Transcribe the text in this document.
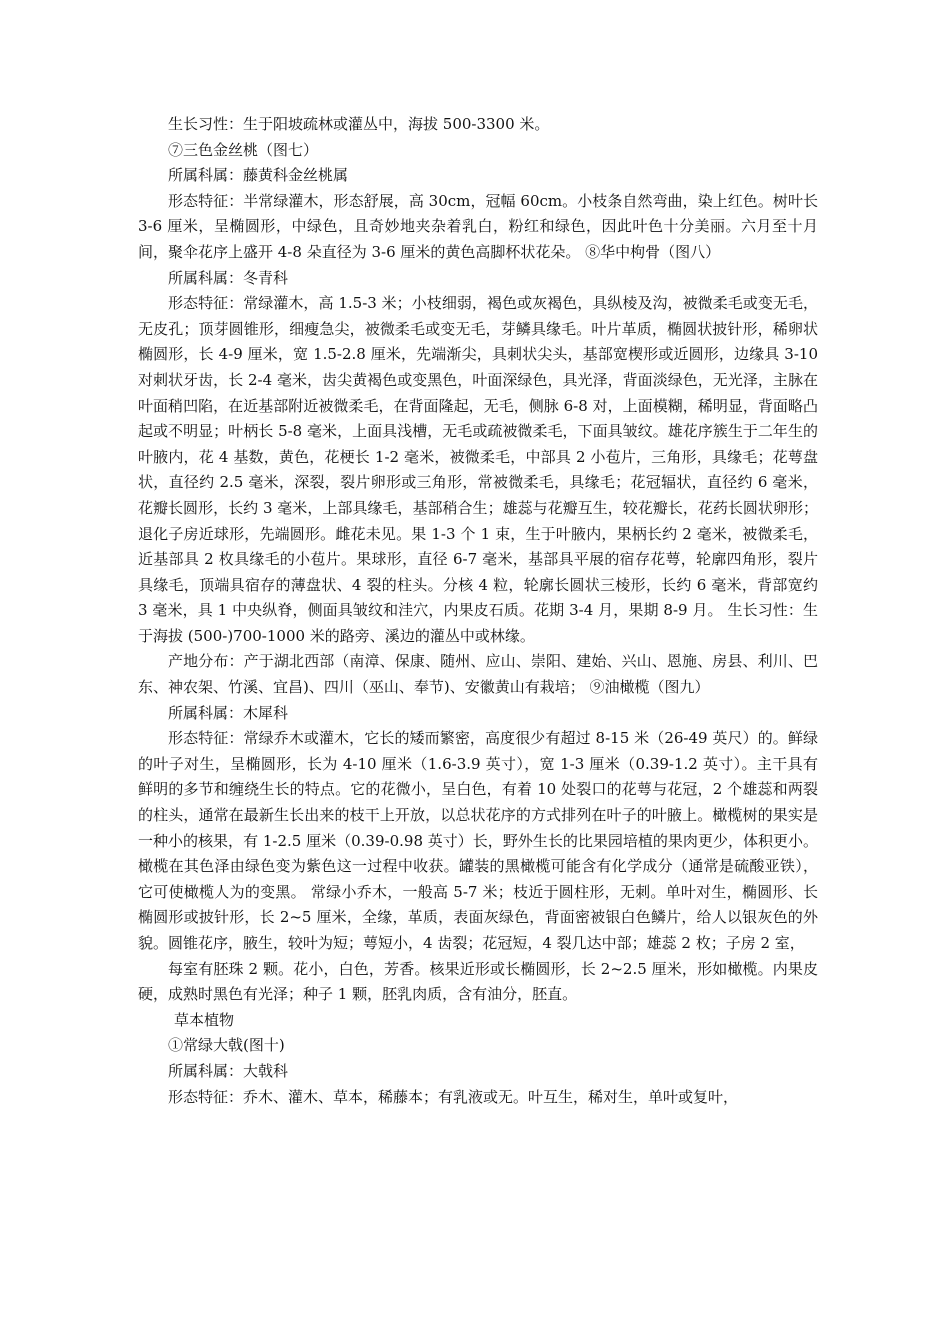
生长习性：生于阳坡疏林或灌丛中，海拔 500-3300 米。

⑦三色金丝桃（图七）

所属科属：藤黄科金丝桃属

形态特征：半常绿灌木，形态舒展，高 30cm，冠幅 60cm。小枝条自然弯曲，染上红色。树叶长 3-6 厘米，呈椭圆形，中绿色，且奇妙地夹杂着乳白，粉红和绿色，因此叶色十分美丽。六月至十月间，聚伞花序上盛开 4-8 朵直径为 3-6 厘米的黄色高脚杯状花朵。 ⑧华中枸骨（图八）

所属科属：冬青科

形态特征：常绿灌木，高 1.5-3 米；小枝细弱，褐色或灰褐色，具纵棱及沟，被微柔毛或变无毛，无皮孔；顶芽圆锥形，细瘦急尖，被微柔毛或变无毛，芽鳞具缘毛。叶片革质，椭圆状披针形，稀卵状椭圆形，长 4-9 厘米，宽 1.5-2.8 厘米，先端渐尖，具刺状尖头，基部宽楔形或近圆形，边缘具 3-10 对刺状牙齿，长 2-4 毫米，齿尖黄褐色或变黑色，叶面深绿色，具光泽，背面淡绿色，无光泽，主脉在叶面稍凹陷，在近基部附近被微柔毛，在背面隆起，无毛，侧脉 6-8 对，上面模糊，稀明显，背面略凸起或不明显；叶柄长 5-8 毫米，上面具浅槽，无毛或疏被微柔毛，下面具皱纹。雄花序簇生于二年生的叶腋内，花 4 基数，黄色，花梗长 1-2 毫米，被微柔毛，中部具 2 小苞片，三角形，具缘毛；花萼盘状，直径约 2.5 毫米，深裂，裂片卵形或三角形，常被微柔毛，具缘毛；花冠辐状，直径约 6 毫米，花瓣长圆形，长约 3 毫米，上部具缘毛，基部稍合生；雄蕊与花瓣互生，较花瓣长，花药长圆状卵形；退化子房近球形，先端圆形。雌花未见。果 1-3 个 1 束，生于叶腋内，果柄长约 2 毫米，被微柔毛，近基部具 2 枚具缘毛的小苞片。果球形，直径 6-7 毫米，基部具平展的宿存花萼，轮廓四角形，裂片具缘毛，顶端具宿存的薄盘状、4 裂的柱头。分核 4 粒，轮廓长圆状三棱形，长约 6 毫米，背部宽约 3 毫米，具 1 中央纵脊，侧面具皱纹和洼穴，内果皮石质。花期 3-4 月，果期 8-9 月。 生长习性：生于海拔 (500-)700-1000 米的路旁、溪边的灌丛中或林缘。

产地分布：产于湖北西部（南漳、保康、随州、应山、崇阳、建始、兴山、恩施、房县、利川、巴东、神农架、竹溪、宜昌)、四川（巫山、奉节)、安徽黄山有栽培； ⑨油橄榄（图九）

所属科属：木犀科

形态特征：常绿乔木或灌木，它长的矮而繁密，高度很少有超过 8-15 米（26-49 英尺）的。鲜绿的叶子对生，呈椭圆形，长为 4-10 厘米（1.6-3.9 英寸），宽 1-3 厘米（0.39-1.2 英寸）。主干具有鲜明的多节和缠绕生长的特点。它的花微小，呈白色，有着 10 处裂口的花萼与花冠，2 个雄蕊和两裂的柱头，通常在最新生长出来的枝干上开放，以总状花序的方式排列在叶子的叶腋上。橄榄树的果实是一种小的核果，有 1-2.5 厘米（0.39-0.98 英寸）长，野外生长的比果园培植的果肉更少，体积更小。 橄榄在其色泽由绿色变为紫色这一过程中收获。罐装的黑橄榄可能含有化学成分（通常是硫酸亚铁），它可使橄榄人为的变黑。 常绿小乔木，一般高 5-7 米；枝近于圆柱形，无刺。单叶对生，椭圆形、长椭圆形或披针形，长 2~5 厘米，全缘，革质，表面灰绿色，背面密被银白色鳞片，给人以银灰色的外貌。圆锥花序，腋生，较叶为短；萼短小，4 齿裂；花冠短，4 裂几达中部；雄蕊 2 枚；子房 2 室，

每室有胚珠 2 颗。花小，白色，芳香。核果近形或长椭圆形，长 2~2.5 厘米，形如橄榄。内果皮硬，成熟时黑色有光泽；种子 1 颗，胚乳肉质，含有油分，胚直。

草本植物

①常绿大戟(图十)

所属科属：大戟科

形态特征：乔木、灌木、草本，稀藤本；有乳液或无。叶互生，稀对生，单叶或复叶，
